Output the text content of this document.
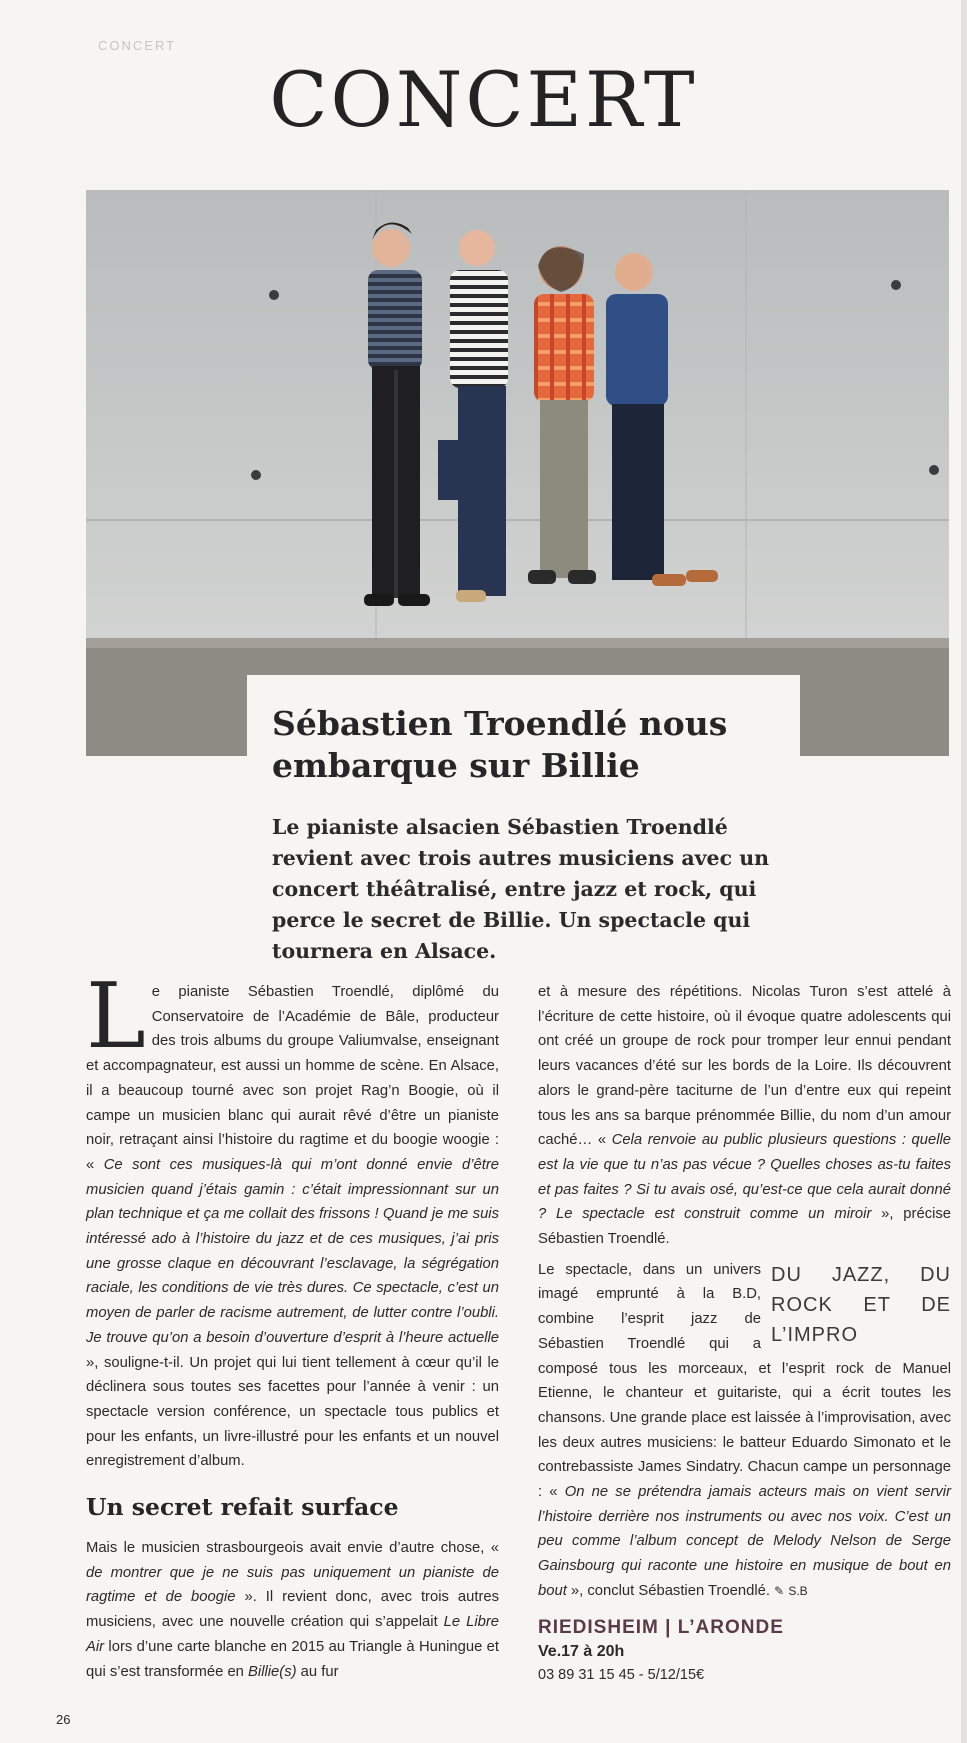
CONCERT
CONCERT
Sébastien Troendlé nous embarque sur Billie

Le pianiste alsacien Sébastien Troendlé revient avec trois autres musiciens avec un concert théâtralisé, entre jazz et rock, qui perce le secret de Billie. Un spectacle qui tournera en Alsace.

Le pianiste Sébastien Troendlé, diplômé du Conservatoire de l’Académie de Bâle, producteur des trois albums du groupe Valiumvalse, enseignant et accompagnateur, est aussi un homme de scène. En Alsace, il a beaucoup tourné avec son projet Rag’n Boogie, où il campe un musicien blanc qui aurait rêvé d’être un pianiste noir, retraçant ainsi l’histoire du ragtime et du boogie woogie : « Ce sont ces musiques-là qui m’ont donné envie d’être musicien quand j’étais gamin : c’était impressionnant sur un plan technique et ça me collait des frissons ! Quand je me suis intéressé ado à l’histoire du jazz et de ces musiques, j’ai pris une grosse claque en découvrant l’esclavage, la ségrégation raciale, les conditions de vie très dures. Ce spectacle, c’est un moyen de parler de racisme autrement, de lutter contre l’oubli. Je trouve qu’on a besoin d’ouverture d’esprit à l’heure actuelle », souligne-t-il. Un projet qui lui tient tellement à cœur qu’il le déclinera sous toutes ses facettes pour l’année à venir : un spectacle version conférence, un spectacle tous publics et pour les enfants, un livre-illustré pour les enfants et un nouvel enregistrement d’album.

Un secret refait surface

Mais le musicien strasbourgeois avait envie d’autre chose, « de montrer que je ne suis pas uniquement un pianiste de ragtime et de boogie ». Il revient donc, avec trois autres musiciens, avec une nouvelle création qui s’appelait Le Libre Air lors d’une carte blanche en 2015 au Triangle à Huningue et qui s’est transformée en Billie(s) au fur

et à mesure des répétitions. Nicolas Turon s’est attelé à l’écriture de cette histoire, où il évoque quatre adolescents qui ont créé un groupe de rock pour tromper leur ennui pendant leurs vacances d’été sur les bords de la Loire. Ils découvrent alors le grand-père taciturne de l’un d’entre eux qui repeint tous les ans sa barque prénommée Billie, du nom d’un amour caché… « Cela renvoie au public plusieurs questions : quelle est la vie que tu n’as pas vécue ? Quelles choses as-tu faites et pas faites ? Si tu avais osé, qu’est-ce que cela aurait donné ? Le spectacle est construit comme un miroir », précise Sébastien Troendlé.

DU JAZZ, DU ROCK ET DE L’IMPRO
Le spectacle, dans un univers imagé emprunté à la B.D, combine l’esprit jazz de Sébastien Troendlé qui a composé tous les morceaux, et l’esprit rock de Manuel Etienne, le chanteur et guitariste, qui a écrit toutes les chansons. Une grande place est laissée à l’improvisation, avec les deux autres musiciens: le batteur Eduardo Simonato et le contrebassiste James Sindatry. Chacun campe un personnage : « On ne se prétendra jamais acteurs mais on vient servir l’histoire derrière nos instruments ou avec nos voix. C’est un peu comme l’album concept de Melody Nelson de Serge Gainsbourg qui raconte une histoire en musique de bout en bout », conclut Sébastien Troendlé. ✎ S.B

RIEDISHEIM | L’ARONDE
Ve.17 à 20h
03 89 31 15 45 - 5/12/15€
26
